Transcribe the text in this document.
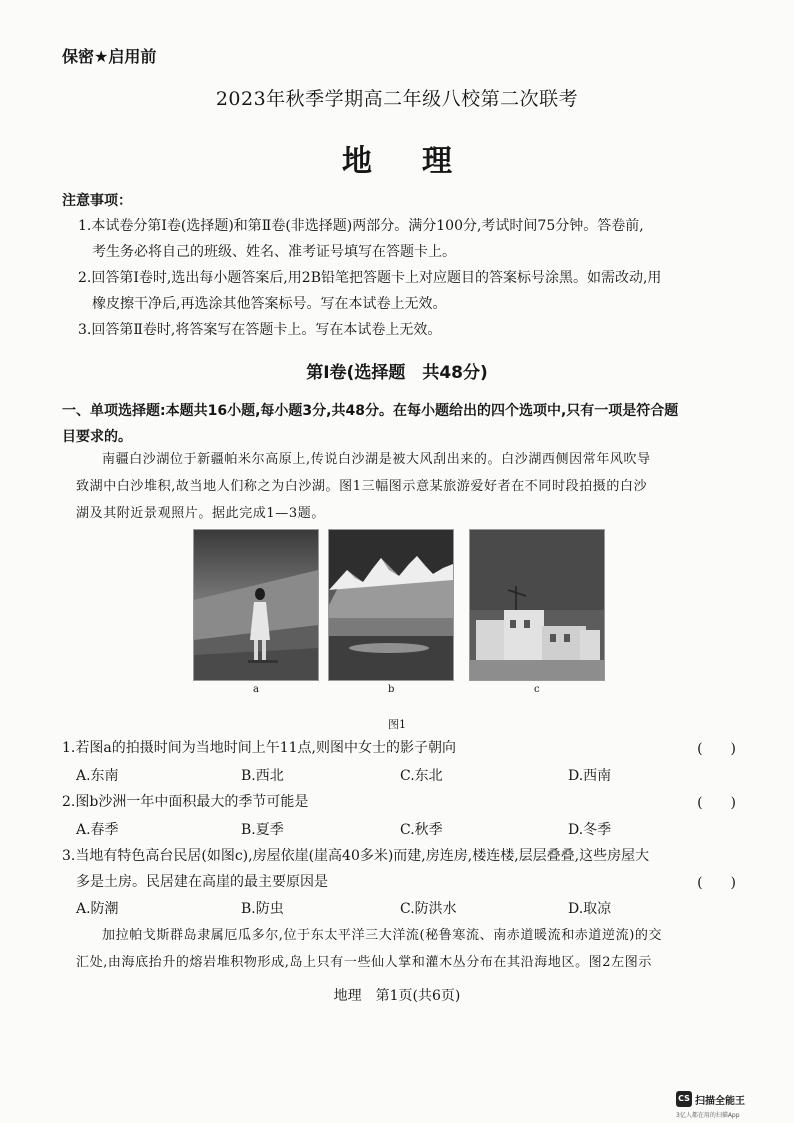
保密★启用前
2023年秋季学期高二年级八校第二次联考
地理
注意事项：
1.本试卷分第Ⅰ卷(选择题)和第Ⅱ卷(非选择题)两部分。满分100分,考试时间75分钟。答卷前,
考生务必将自己的班级、姓名、准考证号填写在答题卡上。
2.回答第Ⅰ卷时,选出每小题答案后,用2B铅笔把答题卡上对应题目的答案标号涂黑。如需改动,用
橡皮擦干净后,再选涂其他答案标号。写在本试卷上无效。
3.回答第Ⅱ卷时,将答案写在答题卡上。写在本试卷上无效。
第Ⅰ卷(选择题　共48分)
一、单项选择题:本题共16小题,每小题3分,共48分。在每小题给出的四个选项中,只有一项是符合题
目要求的。
南疆白沙湖位于新疆帕米尔高原上,传说白沙湖是被大风刮出来的。白沙湖西侧因常年风吹导
致湖中白沙堆积,故当地人们称之为白沙湖。图1三幅图示意某旅游爱好者在不同时段拍摄的白沙
湖及其附近景观照片。据此完成1—3题。
a	b	c
图1
1.若图a的拍摄时间为当地时间上午11点,则图中女士的影子朝向	(　　)
A.东南	B.西北	C.东北	D.西南
2.图b沙洲一年中面积最大的季节可能是	(　　)
A.春季	B.夏季	C.秋季	D.冬季
3.当地有特色高台民居(如图c),房屋依崖(崖高40多米)而建,房连房,楼连楼,层层叠叠,这些房屋大
多是土房。民居建在高崖的最主要原因是	(　　)
A.防潮	B.防虫	C.防洪水	D.取凉
加拉帕戈斯群岛隶属厄瓜多尔,位于东太平洋三大洋流(秘鲁寒流、南赤道暖流和赤道逆流)的交
汇处,由海底抬升的熔岩堆积物形成,岛上只有一些仙人掌和灌木丛分布在其沿海地区。图2左图示
地理　第1页(共6页)
CS 扫描全能王
3亿人都在用的扫描App
